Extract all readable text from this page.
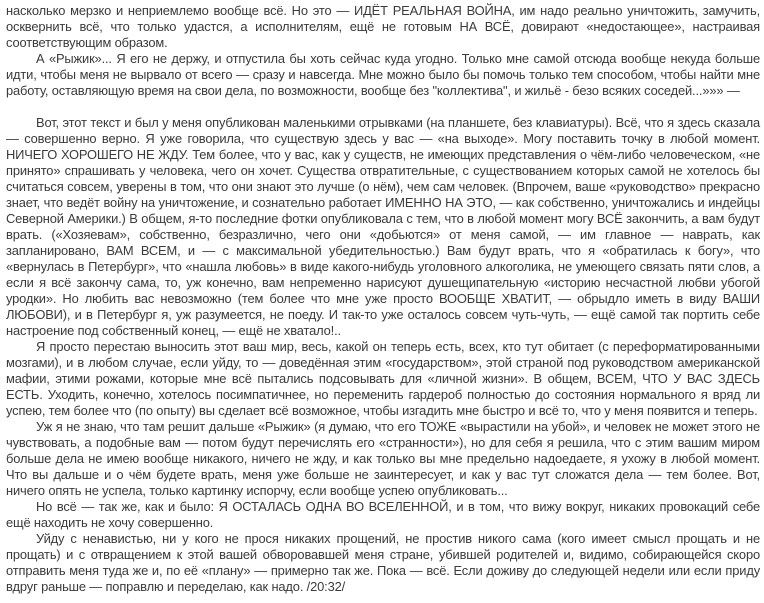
насколько мерзко и неприемлемо вообще всё. Но это — ИДЁТ РЕАЛЬНАЯ ВОЙНА, им надо реально уничтожить, замучить, осквернить всё, что только удастся, а исполнителям, ещё не готовым НА ВСЁ, довирают «недостающее», настраивая соответствующим образом.
А «Рыжик»... Я его не держу, и отпустила бы хоть сейчас куда угодно. Только мне самой отсюда вообще некуда больше идти, чтобы меня не вырвало от всего — сразу и навсегда. Мне можно было бы помочь только тем способом, чтобы найти мне работу, оставляющую время на свои дела, по возможности, вообще без "коллектива", и жильё - безо всяких соседей...»»» —
Вот, этот текст и был у меня опубликован маленькими отрывками (на планшете, без клавиатуры). Всё, что я здесь сказала — совершенно верно. Я уже говорила, что существую здесь у вас — «на выходе». Могу поставить точку в любой момент. НИЧЕГО ХОРОШЕГО НЕ ЖДУ. Тем более, что у вас, как у существ, не имеющих представления о чём-либо человеческом, «не принято» спрашивать у человека, чего он хочет. Существа отвратительные, с существованием которых самой не хотелось бы считаться совсем, уверены в том, что они знают это лучше (о нём), чем сам человек. (Впрочем, ваше «руководство» прекрасно знает, что ведёт войну на уничтожение, и сознательно работает ИМЕННО НА ЭТО, — как собственно, уничтожались и индейцы Северной Америки.) В общем, я-то последние фотки опубликовала с тем, что в любой момент могу ВСЁ закончить, а вам будут врать. («Хозяевам», собственно, безразлично, чего они «добьются» от меня самой, — им главное — наврать, как запланировано, ВАМ ВСЕМ, и — с максимальной убедительностью.) Вам будут врать, что я «обратилась к богу», что «вернулась в Петербург», что «нашла любовь» в виде какого-нибудь уголовного алкоголика, не умеющего связать пяти слов, а если я всё закончу сама, то, уж конечно, вам непременно нарисуют душещипательную «историю несчастной любви убогой уродки». Но любить вас невозможно (тем более что мне уже просто ВООБЩЕ ХВАТИТ, — обрыдло иметь в виду ВАШИ ЛЮБОВИ), и в Петербург я, уж разумеется, не поеду. И так-то уже осталось совсем чуть-чуть, — ещё самой так портить себе настроение под собственный конец, — ещё не хватало!..
Я просто перестаю выносить этот ваш мир, весь, какой он теперь есть, всех, кто тут обитает (с переформатированными мозгами), и в любом случае, если уйду, то — доведённая этим «государством», этой страной под руководством американской мафии, этими рожами, которые мне всё пытались подсовывать для «личной жизни». В общем, ВСЕМ, ЧТО У ВАС ЗДЕСЬ ЕСТЬ. Уходить, конечно, хотелось посимпатичнее, но переменить гардероб полностью до состояния нормального я вряд ли успею, тем более что (по опыту) вы сделает всё возможное, чтобы изгадить мне быстро и всё то, что у меня появится и теперь.
Уж я не знаю, что там решит дальше «Рыжик» (я думаю, что его ТОЖЕ «вырастили на убой», и человек не может этого не чувствовать, а подобные вам — потом будут перечислять его «странности»), но для себя я решила, что с этим вашим миром больше дела не имею вообще никакого, ничего не жду, и как только вы мне предельно надоедаете, я ухожу в любой момент. Что вы дальше и о чём будете врать, меня уже больше не заинтересует, и как у вас тут сложатся дела — тем более. Вот, ничего опять не успела, только картинку испорчу, если вообще успею опубликовать...
Но всё — так же, как и было: Я ОСТАЛАСЬ ОДНА ВО ВСЕЛЕННОЙ, и в том, что вижу вокруг, никаких провокаций себе ещё находить не хочу совершенно.
Уйду с ненавистью, ни у кого не прося никаких прощений, не простив никого сама (кого имеет смысл прощать и не прощать) и с отвращением к этой вашей обворовавшей меня стране, убившей родителей и, видимо, собирающейся скоро отправить меня туда же и, по её «плану» — примерно так же. Пока — всё. Если доживу до следующей недели или если приду вдруг раньше — поправлю и переделаю, как надо. /20:32/
